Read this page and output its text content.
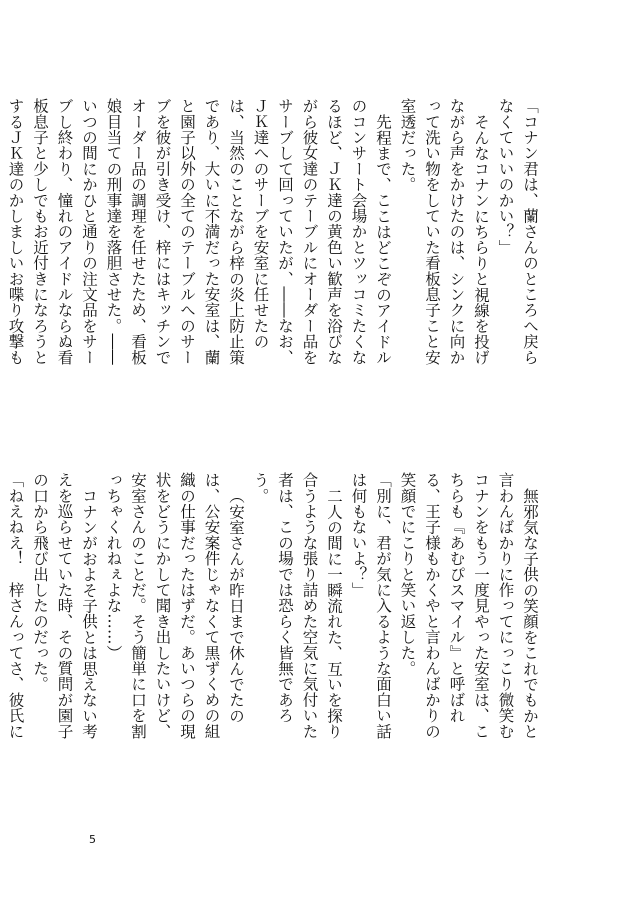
「コナン君は、蘭さんのところへ戻らなくていいのかい？」

そんなコナンにちらりと視線を投げながら声をかけたのは、シンクに向かって洗い物をしていた看板息子こと安室透だった。

先程まで、ここはどこぞのアイドルのコンサート会場かとツッコミたくなるほど、ＪＫ達の黄色い歓声を浴びながら彼女達のテーブルにオーダー品をサーブして回っていたが、――なお、ＪＫ達へのサーブを安室に任せたのは、当然のことながら梓の炎上防止策であり、大いに不満だった安室は、蘭と園子以外の全てのテーブルへのサーブを彼が引き受け、梓にはキッチンでオーダー品の調理を任せたため、看板娘目当ての刑事達を落胆させた。――いつの間にかひと通りの注文品をサーブし終わり、憧れのアイドルならぬ看板息子と少しでもお近付きになろうとするＪＫ達のかしましいお喋り攻撃も

無邪気な子供の笑顔をこれでもかと言わんばかりに作ってにっこり微笑むコナンをもう一度見やった安室は、こちらも『あむぴスマイル』と呼ばれる、王子様もかくやと言わんばかりの笑顔でにこりと笑い返した。

「別に、君が気に入るような面白い話は何もないよ？」

二人の間に一瞬流れた、互いを探り合うような張り詰めた空気に気付いた者は、この場では恐らく皆無であろう。

（安室さんが昨日まで休んでたのは、公安案件じゃなくて黒ずくめの組織の仕事だったはずだ。あいつらの現状をどうにかして聞き出したいけど、安室さんのことだ。そう簡単に口を割っちゃくれねぇよな……）

コナンがおよそ子供とは思えない考えを巡らせていた時、その質問が園子の口から飛び出したのだった。

「ねえねえ！　梓さんってさ、彼氏に

5
